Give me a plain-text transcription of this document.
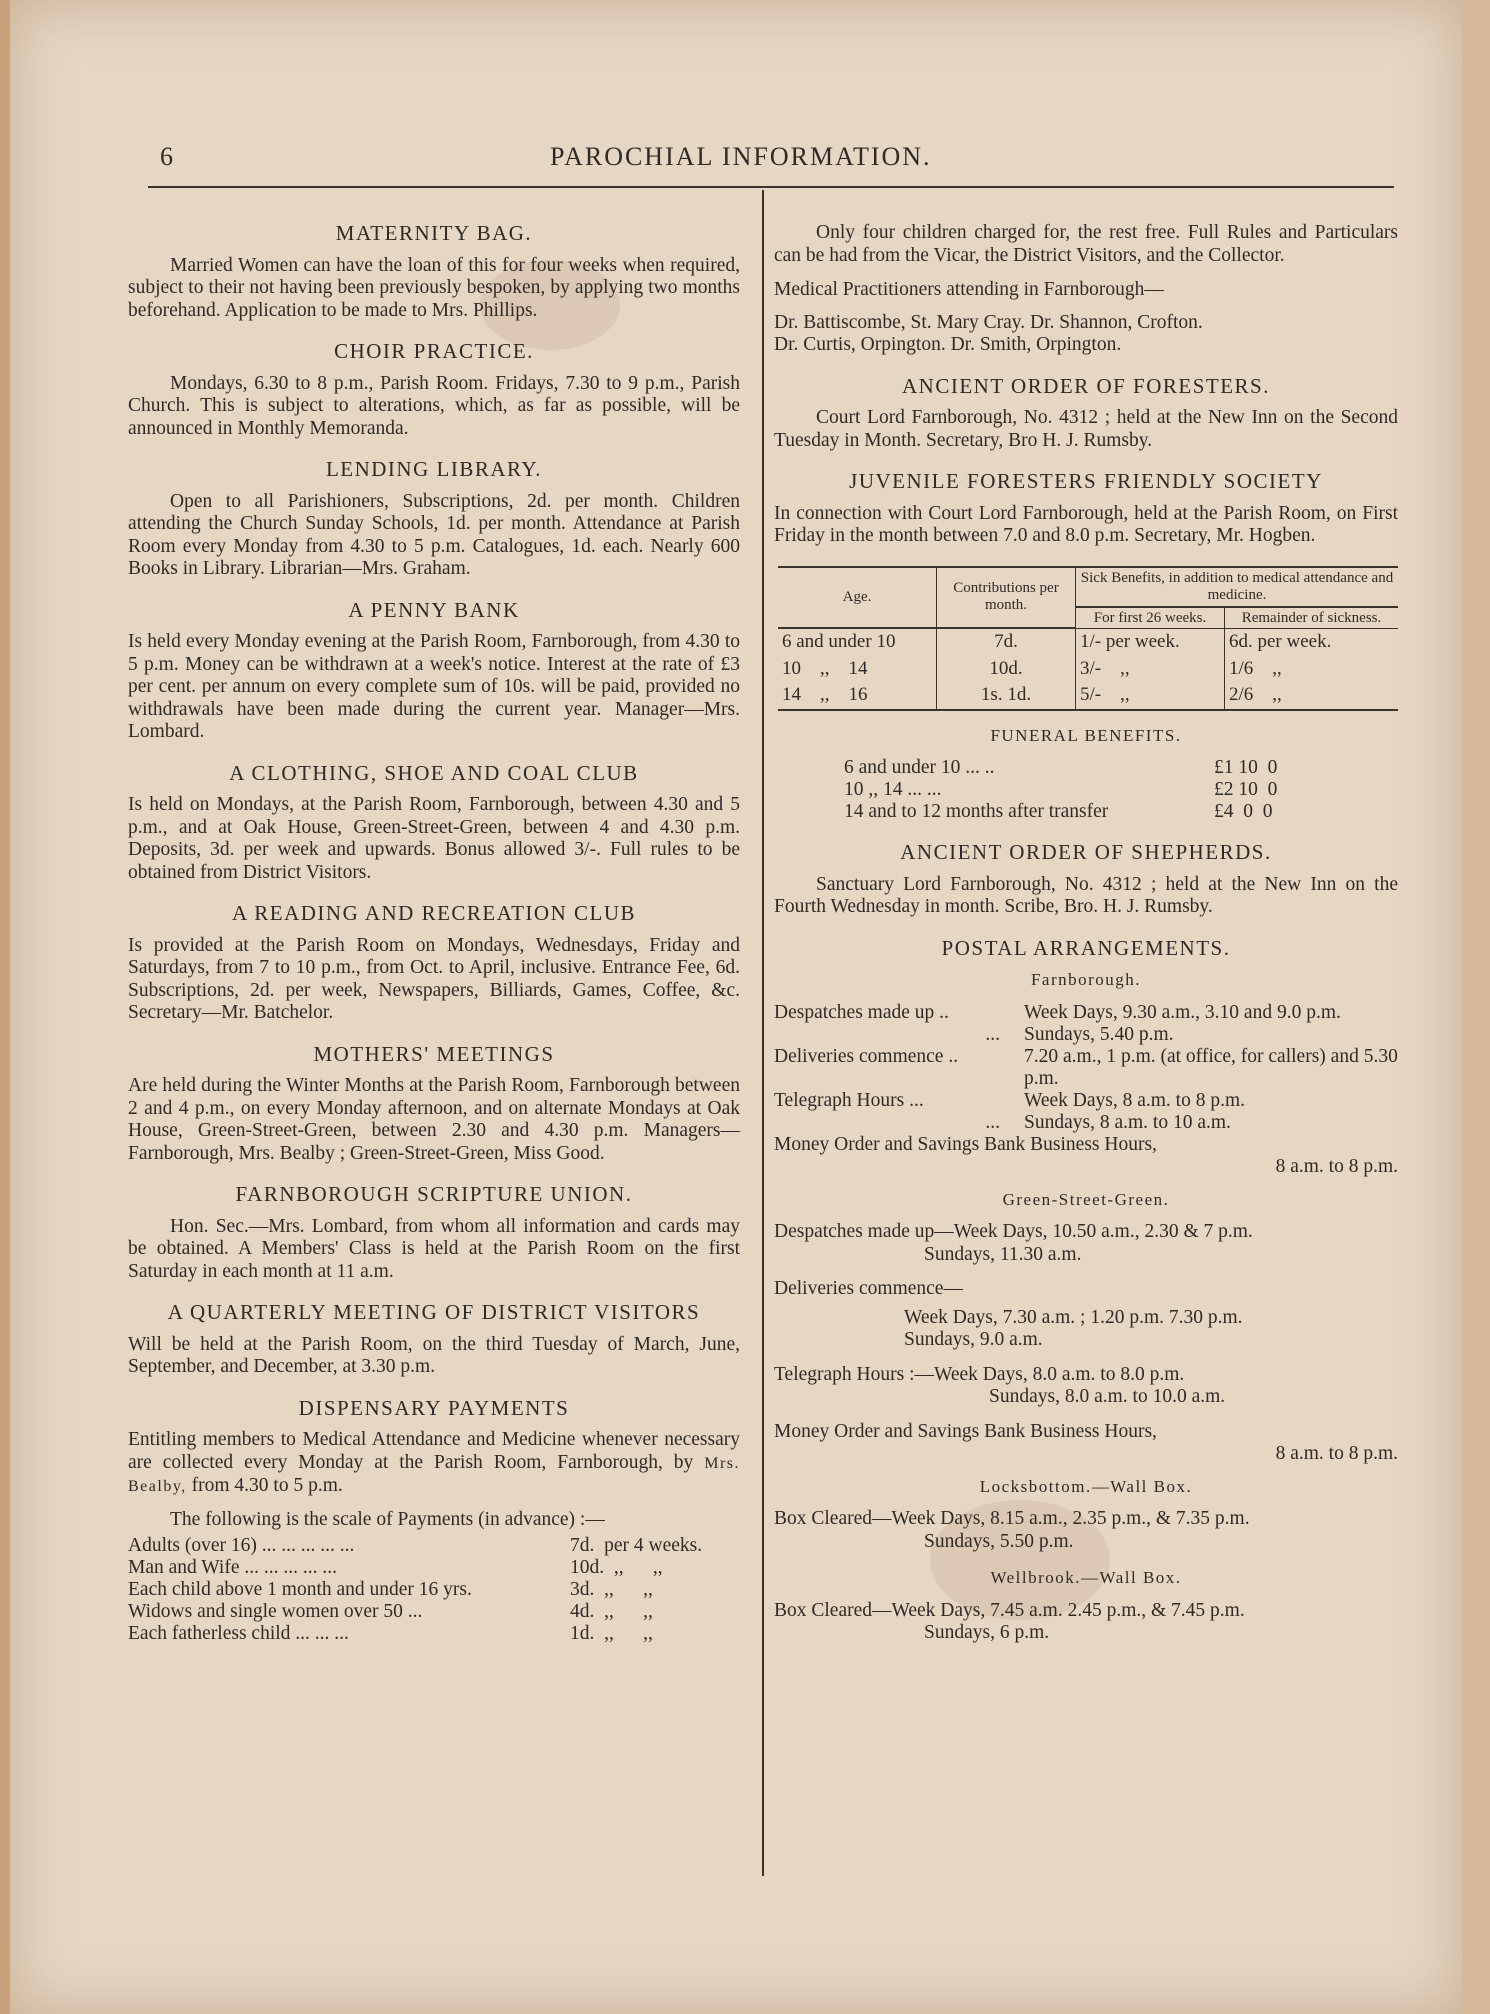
6	PAROCHIAL INFORMATION.
MATERNITY BAG.

Married Women can have the loan of this for four weeks when required, subject to their not having been previously bespoken, by applying two months beforehand. Application to be made to Mrs. Phillips.

CHOIR PRACTICE.

Mondays, 6.30 to 8 p.m., Parish Room. Fridays, 7.30 to 9 p.m., Parish Church. This is subject to alterations, which, as far as possible, will be announced in Monthly Memoranda.

LENDING LIBRARY.

Open to all Parishioners, Subscriptions, 2d. per month. Children attending the Church Sunday Schools, 1d. per month. Attendance at Parish Room every Monday from 4.30 to 5 p.m. Catalogues, 1d. each. Nearly 600 Books in Library. Librarian—Mrs. Graham.

A PENNY BANK

Is held every Monday evening at the Parish Room, Farnborough, from 4.30 to 5 p.m. Money can be withdrawn at a week's notice. Interest at the rate of £3 per cent. per annum on every complete sum of 10s. will be paid, provided no withdrawals have been made during the current year. Manager—Mrs. Lombard.

A CLOTHING, SHOE AND COAL CLUB

Is held on Mondays, at the Parish Room, Farnborough, between 4.30 and 5 p.m., and at Oak House, Green-Street-Green, between 4 and 4.30 p.m. Deposits, 3d. per week and upwards. Bonus allowed 3/-. Full rules to be obtained from District Visitors.

A READING AND RECREATION CLUB

Is provided at the Parish Room on Mondays, Wednesdays, Friday and Saturdays, from 7 to 10 p.m., from Oct. to April, inclusive. Entrance Fee, 6d. Subscriptions, 2d. per week, Newspapers, Billiards, Games, Coffee, &c. Secretary—Mr. Batchelor.

MOTHERS' MEETINGS

Are held during the Winter Months at the Parish Room, Farnborough between 2 and 4 p.m., on every Monday afternoon, and on alternate Mondays at Oak House, Green-Street-Green, between 2.30 and 4.30 p.m. Managers—Farnborough, Mrs. Bealby ; Green-Street-Green, Miss Good.

FARNBOROUGH SCRIPTURE UNION.

Hon. Sec.—Mrs. Lombard, from whom all information and cards may be obtained. A Members' Class is held at the Parish Room on the first Saturday in each month at 11 a.m.

A QUARTERLY MEETING OF DISTRICT VISITORS

Will be held at the Parish Room, on the third Tuesday of March, June, September, and December, at 3.30 p.m.

DISPENSARY PAYMENTS

Entitling members to Medical Attendance and Medicine whenever necessary are collected every Monday at the Parish Room, Farnborough, by Mrs. Bealby, from 4.30 to 5 p.m.

The following is the scale of Payments (in advance) :—

Adults (over 16) ... ... ... ... ...	7d.  per 4 weeks.
Man and Wife ... ... ... ... ...	10d.  ,,      ,,
Each child above 1 month and under 16 yrs.	3d.  ,,      ,,
Widows and single women over 50 ...	4d.  ,,      ,,
Each fatherless child ... ... ...	1d.  ,,      ,,

Only four children charged for, the rest free. Full Rules and Particulars can be had from the Vicar, the District Visitors, and the Collector.

Medical Practitioners attending in Farnborough—

Dr. Battiscombe, St. Mary Cray. Dr. Shannon, Crofton.

Dr. Curtis, Orpington. Dr. Smith, Orpington.

ANCIENT ORDER OF FORESTERS.

Court Lord Farnborough, No. 4312 ; held at the New Inn on the Second Tuesday in Month. Secretary, Bro H. J. Rumsby.

JUVENILE FORESTERS FRIENDLY SOCIETY

In connection with Court Lord Farnborough, held at the Parish Room, on First Friday in the month between 7.0 and 8.0 p.m. Secretary, Mr. Hogben.

Age.	Contributions per month.	Sick Benefits, in addition to medical attendance and medicine.	
		For first 26 weeks.	Remainder of sickness.
6 and under 10	7d.	1/- per week.	6d. per week.
10    ,,    14	10d.	3/-    ,,	1/6    ,,
14    ,,    16	1s. 1d.	5/-    ,,	2/6    ,,
FUNERAL BENEFITS.
6 and under 10 ... ..	£1 10  0
10 ,, 14 ... ...	£2 10  0
14 and to 12 months after transfer	£4  0  0
ANCIENT ORDER OF SHEPHERDS.

Sanctuary Lord Farnborough, No. 4312 ; held at the New Inn on the Fourth Wednesday in month. Scribe, Bro. H. J. Rumsby.

POSTAL ARRANGEMENTS.
Farnborough.
Despatches made up ..	Week Days, 9.30 a.m., 3.10 and 9.0 p.m.
...	Sundays, 5.40 p.m.
Deliveries commence ..	7.20 a.m., 1 p.m. (at office, for callers) and 5.30 p.m.
Telegraph Hours ...	Week Days, 8 a.m. to 8 p.m.
...	Sundays, 8 a.m. to 10 a.m.

Money Order and Savings Bank Business Hours,

8 a.m. to 8 p.m.

Green-Street-Green.

Despatches made up—Week Days, 10.50 a.m., 2.30 & 7 p.m.

Sundays, 11.30 a.m.

Deliveries commence—

Week Days, 7.30 a.m. ; 1.20 p.m. 7.30 p.m.

Sundays, 9.0 a.m.

Telegraph Hours :—Week Days, 8.0 a.m. to 8.0 p.m.

Sundays, 8.0 a.m. to 10.0 a.m.

Money Order and Savings Bank Business Hours,

8 a.m. to 8 p.m.

Locksbottom.—Wall Box.

Box Cleared—Week Days, 8.15 a.m., 2.35 p.m., & 7.35 p.m.

Sundays, 5.50 p.m.

Wellbrook.—Wall Box.

Box Cleared—Week Days, 7.45 a.m. 2.45 p.m., & 7.45 p.m.

Sundays, 6 p.m.
